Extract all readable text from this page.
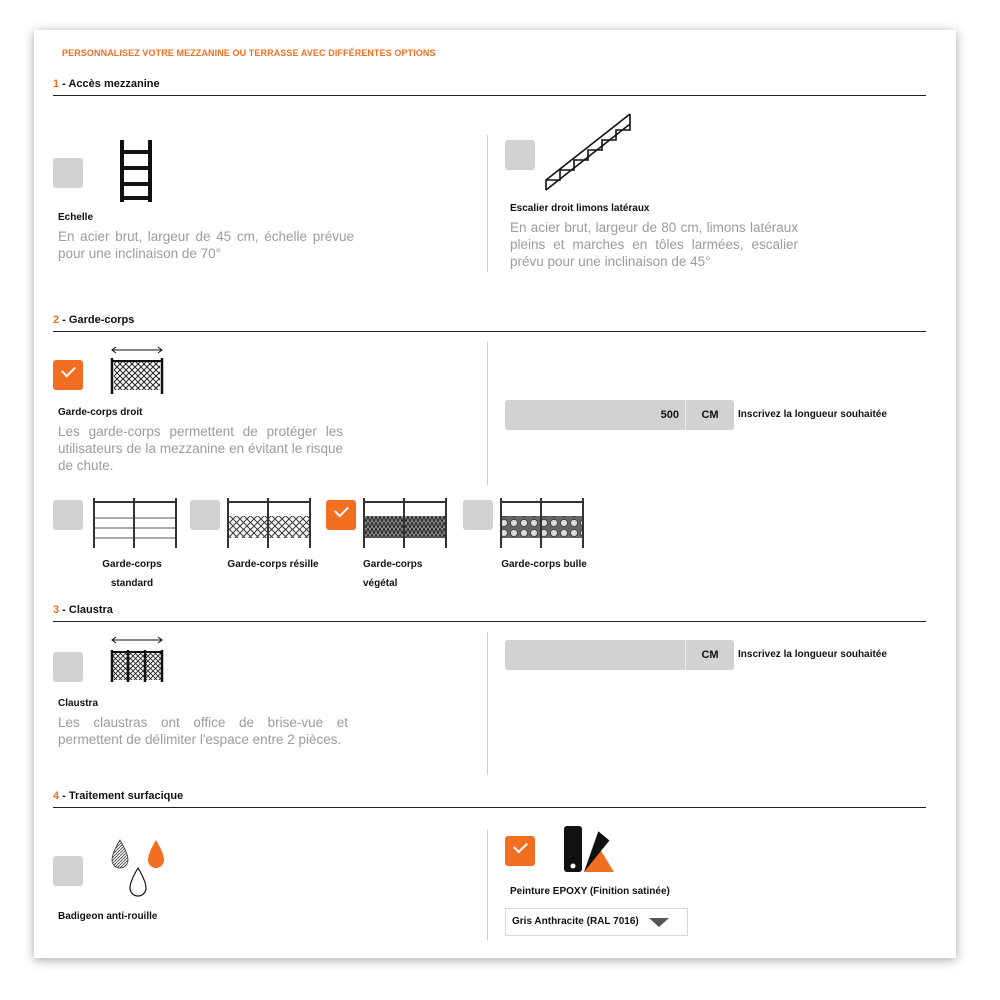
PERSONNALISEZ VOTRE MEZZANINE OU TERRASSE AVEC DIFFÉRENTES OPTIONS
1 - Accès mezzanine
Echelle
En acier brut, largeur de 45 cm, échelle prévue pour une inclinaison de 70°
Escalier droit limons latéraux
En acier brut, largeur de 80 cm, limons latéraux pleins et marches en tôles larmées, escalier prévu pour une inclinaison de 45°
2 - Garde-corps
Garde-corps droit
Les garde-corps permettent de protéger les utilisateurs de la mezzanine en évitant le risque de chute.
500	CM	Inscrivez la longueur souhaitée
Garde-corps
standard
Garde-corps résille	Garde-corps
végétal
Garde-corps bulle
3 - Claustra
Claustra
Les claustras ont office de brise-vue et permettent de délimiter l'espace entre 2 pièces.
CM	Inscrivez la longueur souhaitée
4 - Traitement surfacique
Badigeon anti-rouille
Peinture EPOXY (Finition satinée)
Gris Anthracite (RAL 7016)
